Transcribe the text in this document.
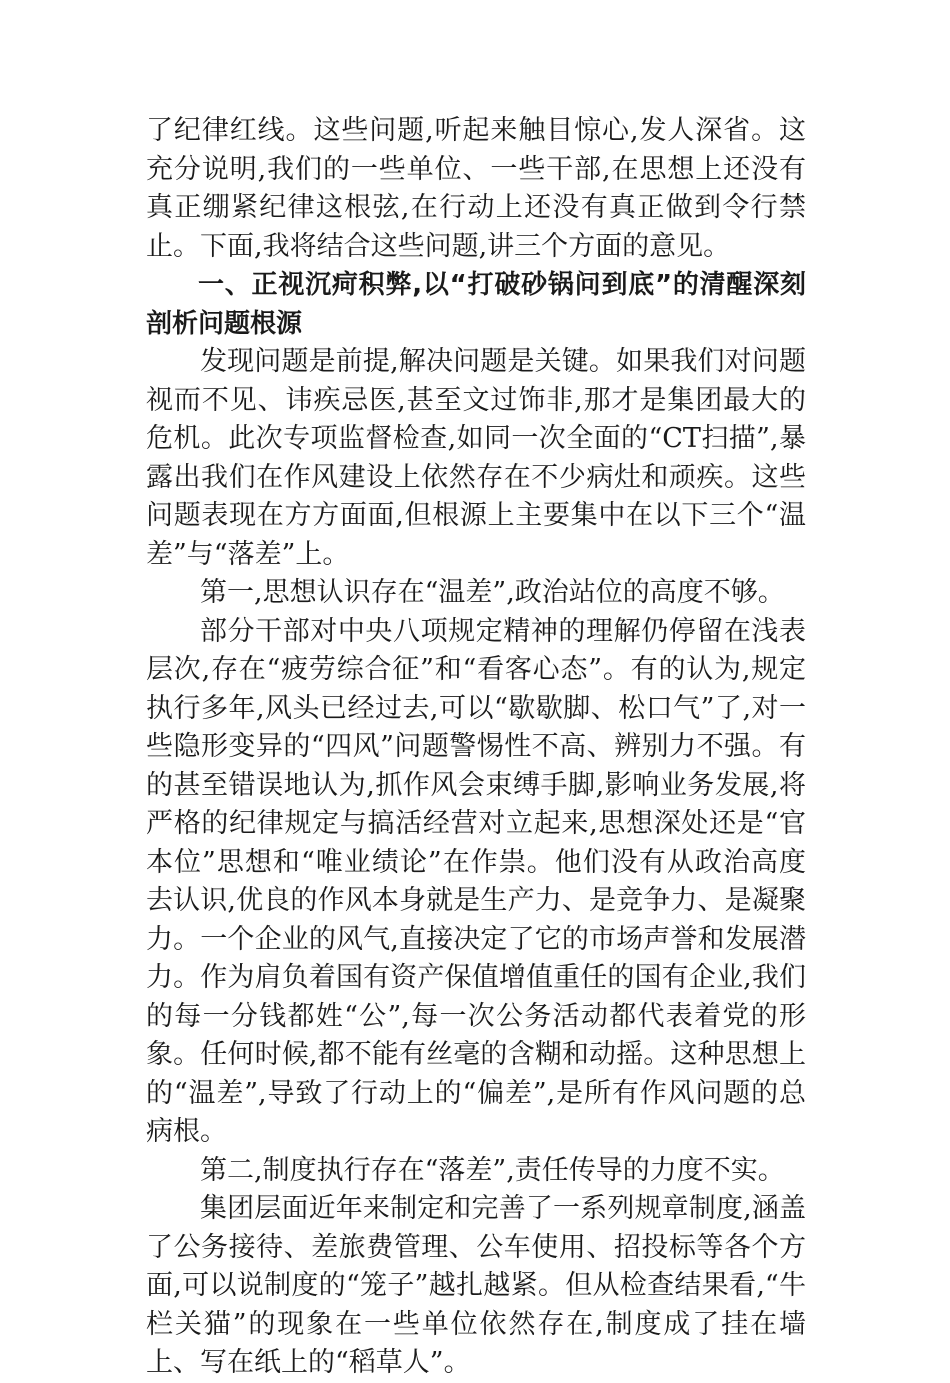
了纪律红线。这些问题,听起来触目惊心,发人深省。这充分说明,我们的一些单位、一些干部,在思想上还没有真正绷紧纪律这根弦,在行动上还没有真正做到令行禁止。下面,我将结合这些问题,讲三个方面的意见。

一、正视沉疴积弊,以“打破砂锅问到底”的清醒深刻剖析问题根源

发现问题是前提,解决问题是关键。如果我们对问题视而不见、讳疾忌医,甚至文过饰非,那才是集团最大的危机。此次专项监督检查,如同一次全面的“CT扫描”,暴露出我们在作风建设上依然存在不少病灶和顽疾。这些问题表现在方方面面,但根源上主要集中在以下三个“温差”与“落差”上。

第一,思想认识存在“温差”,政治站位的高度不够。

部分干部对中央八项规定精神的理解仍停留在浅表层次,存在“疲劳综合征”和“看客心态”。有的认为,规定执行多年,风头已经过去,可以“歇歇脚、松口气”了,对一些隐形变异的“四风”问题警惕性不高、辨别力不强。有的甚至错误地认为,抓作风会束缚手脚,影响业务发展,将严格的纪律规定与搞活经营对立起来,思想深处还是“官本位”思想和“唯业绩论”在作祟。他们没有从政治高度去认识,优良的作风本身就是生产力、是竞争力、是凝聚力。一个企业的风气,直接决定了它的市场声誉和发展潜力。作为肩负着国有资产保值增值重任的国有企业,我们的每一分钱都姓“公”,每一次公务活动都代表着党的形象。任何时候,都不能有丝毫的含糊和动摇。这种思想上的“温差”,导致了行动上的“偏差”,是所有作风问题的总病根。

第二,制度执行存在“落差”,责任传导的力度不实。

集团层面近年来制定和完善了一系列规章制度,涵盖了公务接待、差旅费管理、公车使用、招投标等各个方面,可以说制度的“笼子”越扎越紧。但从检查结果看,“牛栏关猫”的现象在一些单位依然存在,制度成了挂在墙上、写在纸上的“稻草人”。
